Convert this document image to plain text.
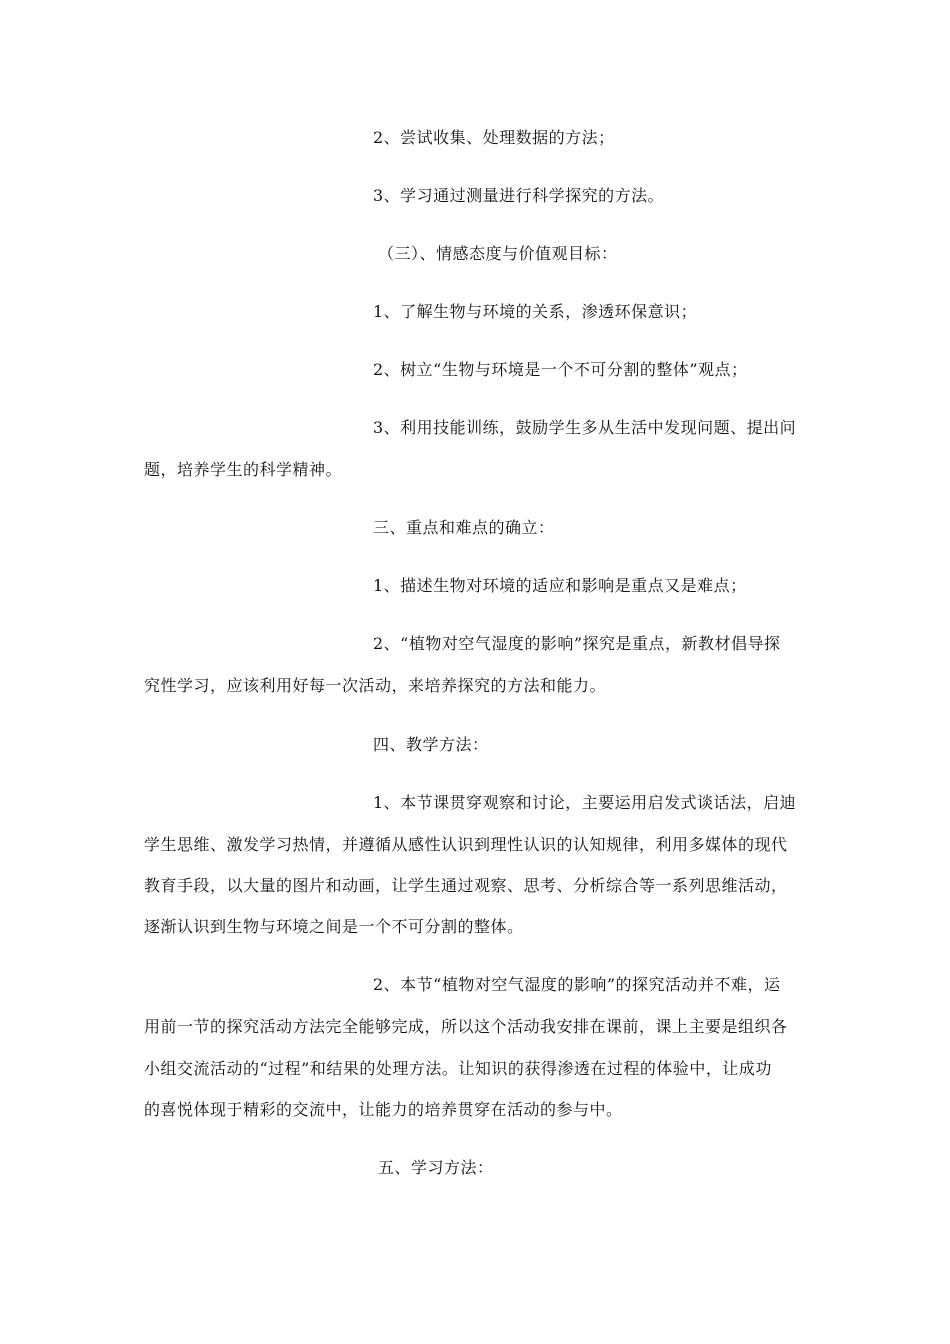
2、尝试收集、处理数据的方法；
3、学习通过测量进行科学探究的方法。
（三）、情感态度与价值观目标：
1、了解生物与环境的关系，渗透环保意识；
2、树立“生物与环境是一个不可分割的整体”观点；
3、利用技能训练，鼓励学生多从生活中发现问题、提出问
题，培养学生的科学精神。
三、重点和难点的确立：
1、描述生物对环境的适应和影响是重点又是难点；
2、“植物对空气湿度的影响”探究是重点，新教材倡导探
究性学习，应该利用好每一次活动，来培养探究的方法和能力。
四、教学方法：
1、本节课贯穿观察和讨论，主要运用启发式谈话法，启迪
学生思维、激发学习热情，并遵循从感性认识到理性认识的认知规律，利用多媒体的现代
教育手段，以大量的图片和动画，让学生通过观察、思考、分析综合等一系列思维活动，
逐渐认识到生物与环境之间是一个不可分割的整体。
2、本节“植物对空气湿度的影响”的探究活动并不难，运
用前一节的探究活动方法完全能够完成，所以这个活动我安排在课前，课上主要是组织各
小组交流活动的“过程”和结果的处理方法。让知识的获得渗透在过程的体验中，让成功
的喜悦体现于精彩的交流中，让能力的培养贯穿在活动的参与中。
五、学习方法：
